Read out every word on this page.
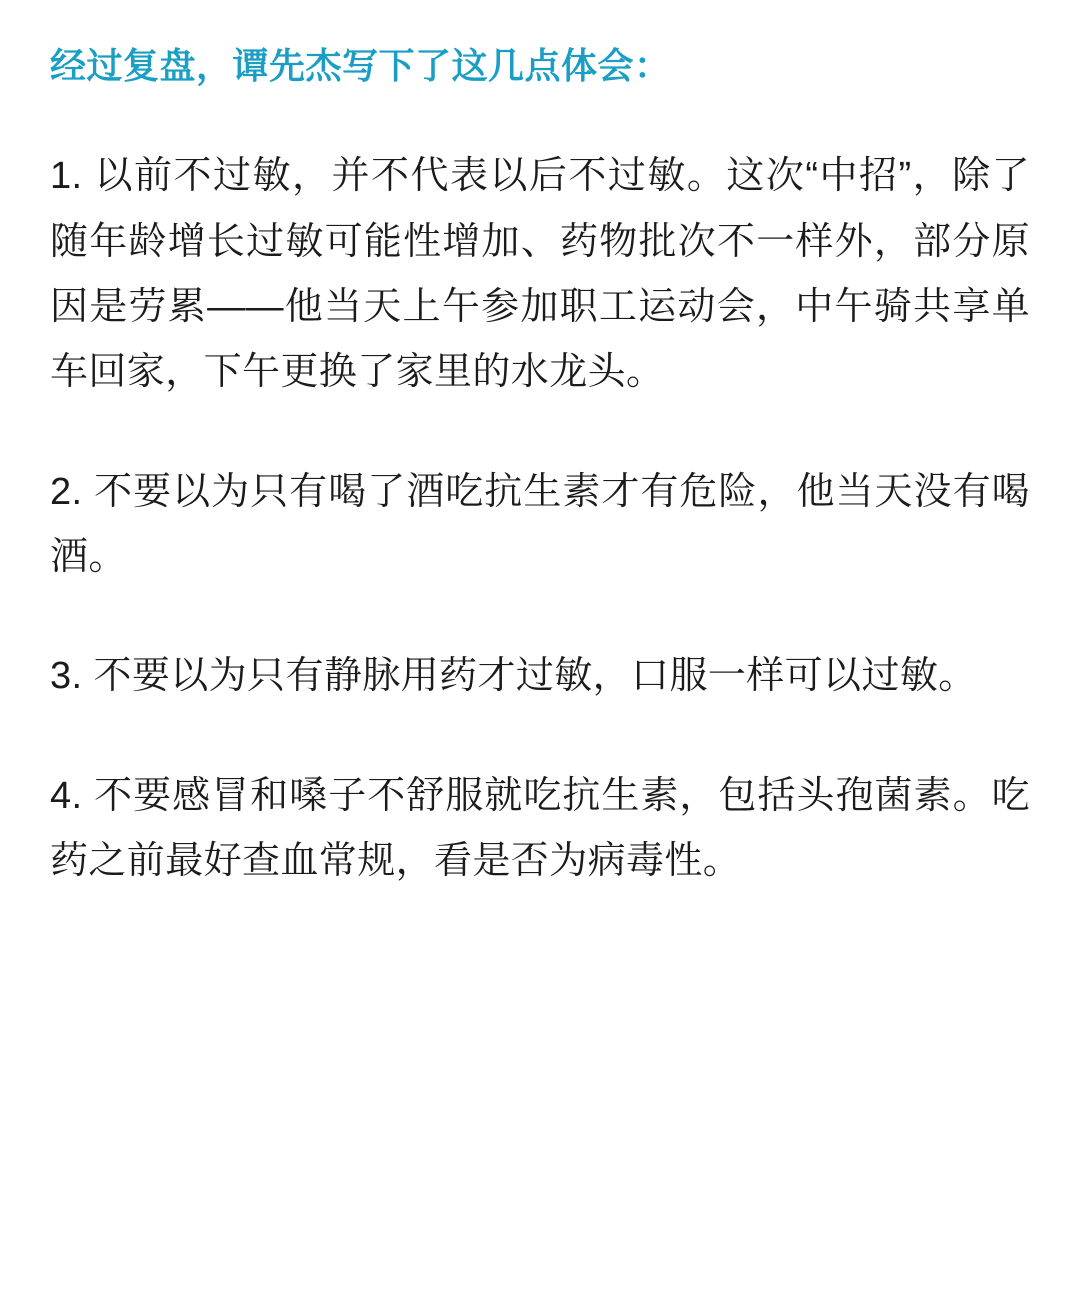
经过复盘，谭先杰写下了这几点体会：

1. 以前不过敏，并不代表以后不过敏。这次“中招”，除了随年龄增长过敏可能性增加、药物批次不一样外，部分原因是劳累——他当天上午参加职工运动会，中午骑共享单车回家，下午更换了家里的水龙头。

2. 不要以为只有喝了酒吃抗生素才有危险，他当天没有喝酒。

3. 不要以为只有静脉用药才过敏，口服一样可以过敏。

4. 不要感冒和嗓子不舒服就吃抗生素，包括头孢菌素。吃药之前最好查血常规，看是否为病毒性。
